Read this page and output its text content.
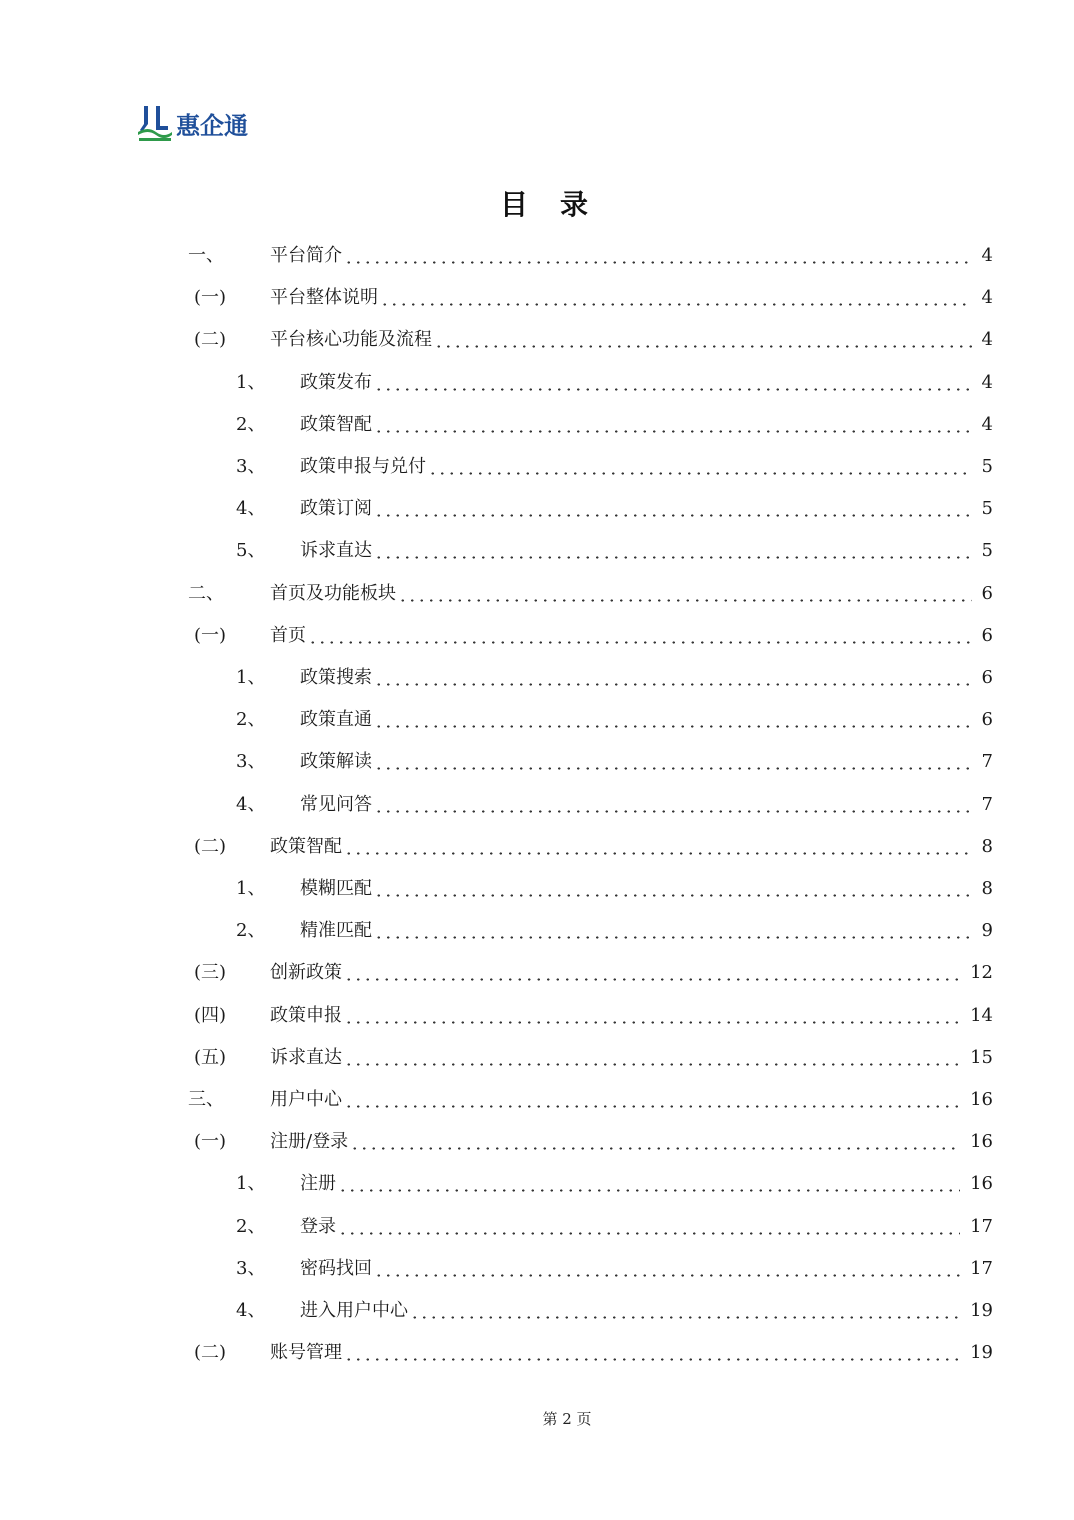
惠企通
目录
一、	平台简介	4
(一) 平台整体说明	4
(二) 平台核心功能及流程	4
1、 政策发布	4
2、 政策智配	4
3、 政策申报与兑付	5
4、 政策订阅	5
5、 诉求直达	5
二、	首页及功能板块	6
(一) 首页	6
1、 政策搜索	6
2、 政策直通	6
3、 政策解读	7
4、 常见问答	7
(二) 政策智配	8
1、 模糊匹配	8
2、 精准匹配	9
(三) 创新政策	12
(四) 政策申报	14
(五) 诉求直达	15
三、	用户中心	16
(一) 注册/登录	16
1、 注册	16
2、 登录	17
3、 密码找回	17
4、 进入用户中心	19
(二) 账号管理	19
第 2 页
